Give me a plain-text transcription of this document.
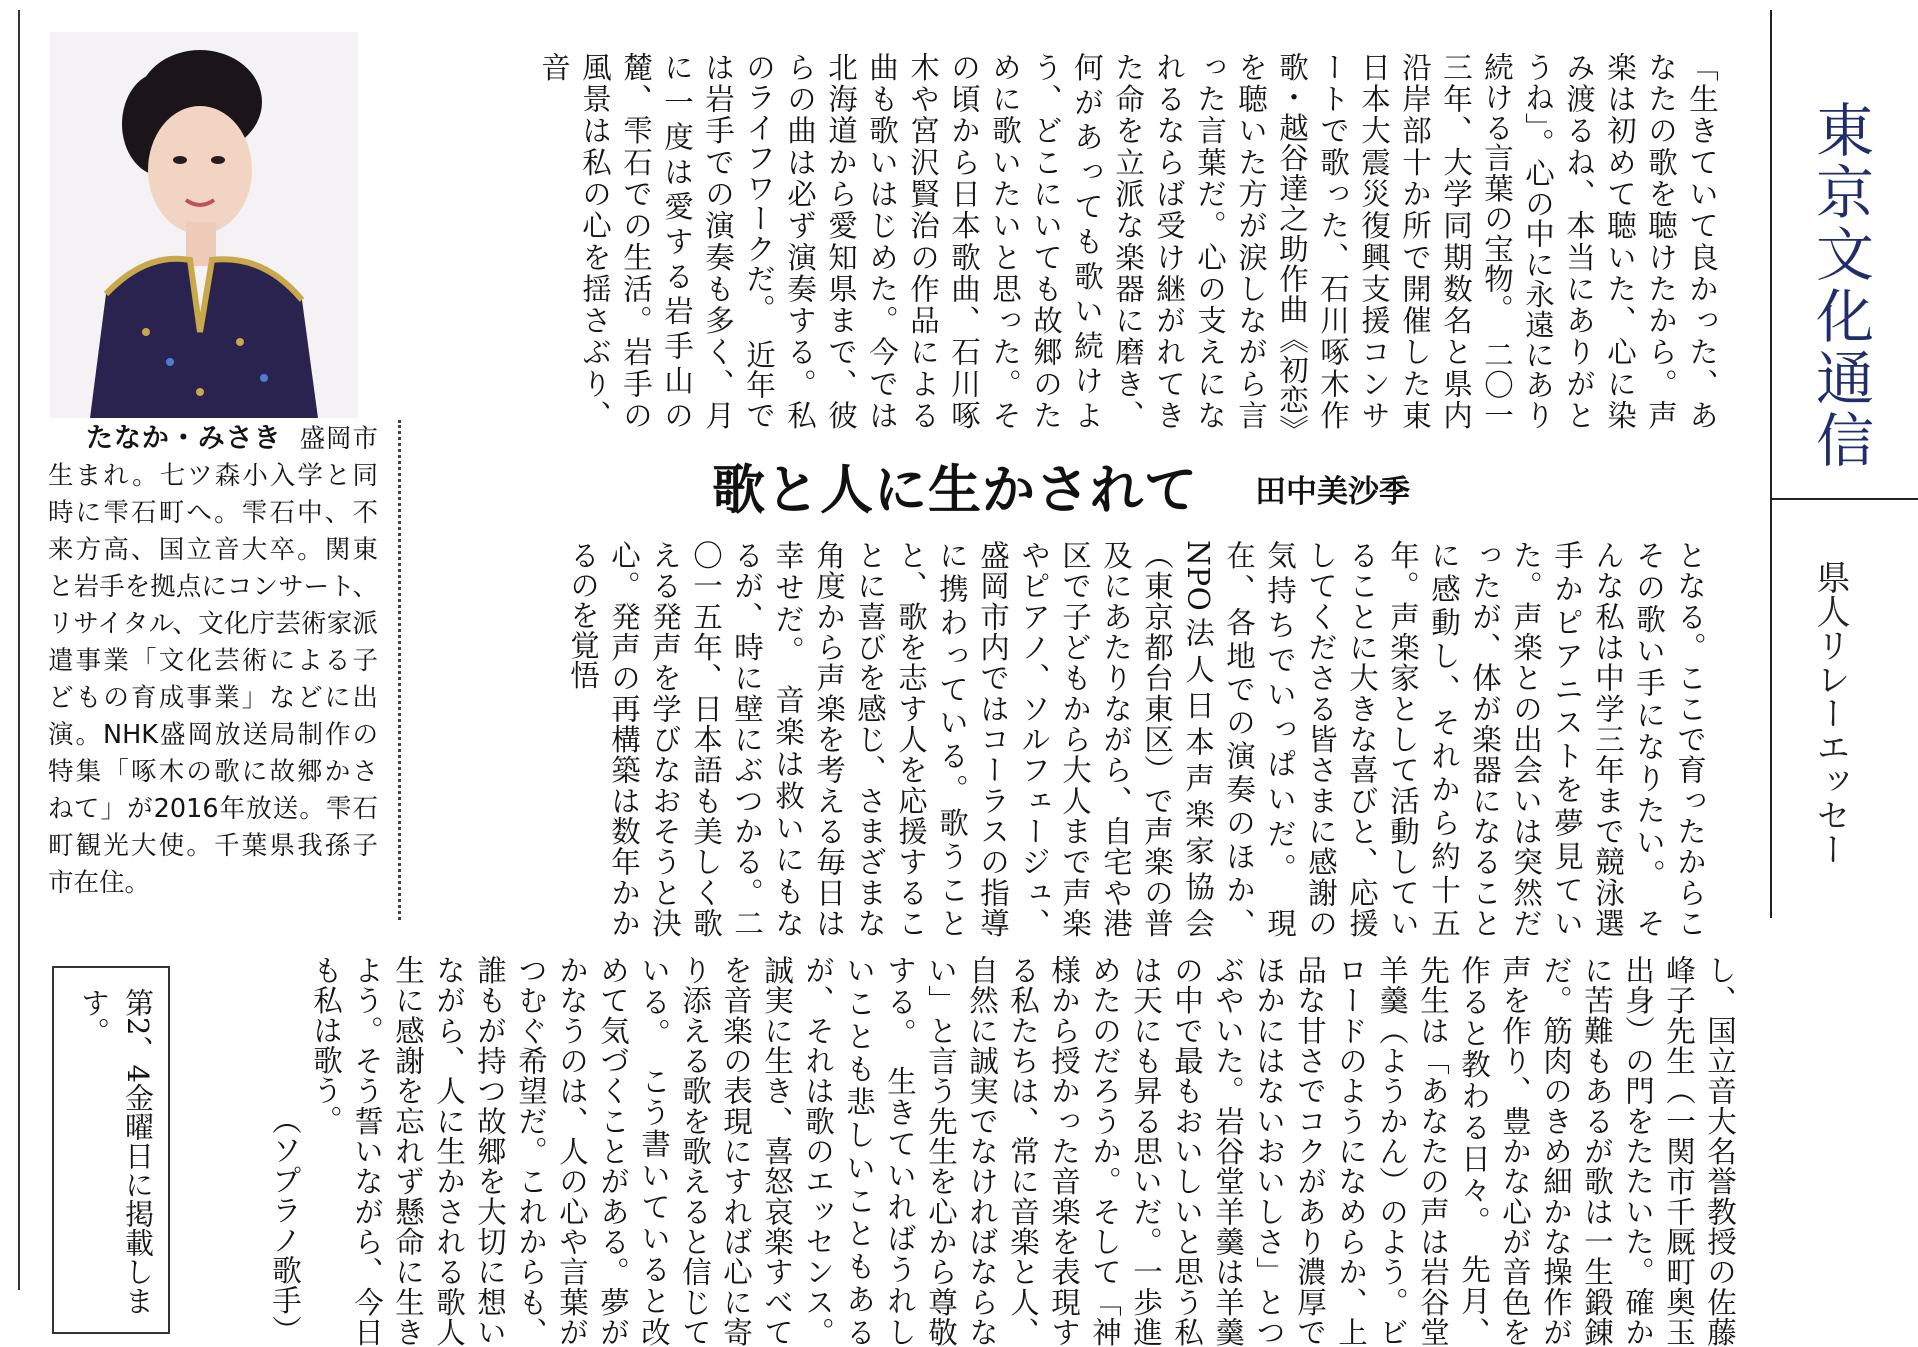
東京文化通信
県人リレーエッセー
「生きていて良かった、あなたの歌を聴けたから。声楽は初めて聴いた、心に染み渡るね、本当にありがとうね」。心の中に永遠にあり続ける言葉の宝物。　二〇一三年、大学同期数名と県内沿岸部十か所で開催した東日本大震災復興支援コンサートで歌った、石川啄木作歌・越谷達之助作曲《初恋》を聴いた方が涙しながら言った言葉だ。心の支えになれるならば受け継がれてきた命を立派な楽器に磨き、何があっても歌い続けよう、どこにいても故郷のために歌いたいと思った。その頃から日本歌曲、石川啄木や宮沢賢治の作品による曲も歌いはじめた。今では北海道から愛知県まで、彼らの曲は必ず演奏する。私のライフワークだ。　近年では岩手での演奏も多く、月に一度は愛する岩手山の麓、雫石での生活。岩手の風景は私の心を揺さぶり、音
歌と人に生かされて	田中美沙季
となる。ここで育ったからこその歌い手になりたい。　そんな私は中学三年まで競泳選手かピアニストを夢見ていた。声楽との出会いは突然だったが、体が楽器になることに感動し、それから約十五年。声楽家として活動していることに大きな喜びと、応援してくださる皆さまに感謝の気持ちでいっぱいだ。　現在、各地での演奏のほか、NPO法人日本声楽家協会（東京都台東区）で声楽の普及にあたりながら、自宅や港区で子どもから大人まで声楽やピアノ、ソルフェージュ、盛岡市内ではコーラスの指導に携わっている。歌うことと、歌を志す人を応援することに喜びを感じ、さまざまな角度から声楽を考える毎日は幸せだ。　音楽は救いにもなるが、時に壁にぶつかる。二〇一五年、日本語も美しく歌える発声を学びなおそうと決心。発声の再構築は数年かかるのを覚悟
し、国立音大名誉教授の佐藤峰子先生（一関市千厩町奥玉出身）の門をたたいた。確かに苦難もあるが歌は一生鍛錬だ。筋肉のきめ細かな操作が声を作り、豊かな心が音色を作ると教わる日々。　先月、先生は「あなたの声は岩谷堂羊羹（ようかん）のよう。ビロードのようになめらか、上品な甘さでコクがあり濃厚でほかにはないおいしさ」とつぶやいた。岩谷堂羊羹は羊羹の中で最もおいしいと思う私は天にも昇る思いだ。一歩進めたのだろうか。そして「神様から授かった音楽を表現する私たちは、常に音楽と人、自然に誠実でなければならない」と言う先生を心から尊敬する。　生きていればうれしいことも悲しいこともあるが、それは歌のエッセンス。誠実に生き、喜怒哀楽すべてを音楽の表現にすれば心に寄り添える歌を歌えると信じている。　こう書いていると改めて気づくことがある。夢がかなうのは、人の心や言葉がつむぐ希望だ。これからも、誰もが持つ故郷を大切に想いながら、人に生かされる歌人生に感謝を忘れず懸命に生きよう。そう誓いながら、今日も私は歌う。
（ソプラノ歌手）
たなか・みさき 盛岡市生まれ。七ツ森小入学と同時に雫石町へ。雫石中、不来方高、国立音大卒。関東と岩手を拠点にコンサート、リサイタル、文化庁芸術家派遣事業「文化芸術による子どもの育成事業」などに出演。NHK盛岡放送局制作の特集「啄木の歌に故郷かさねて」が2016年放送。雫石町観光大使。千葉県我孫子市在住。
第2、4金曜日に掲載します。
